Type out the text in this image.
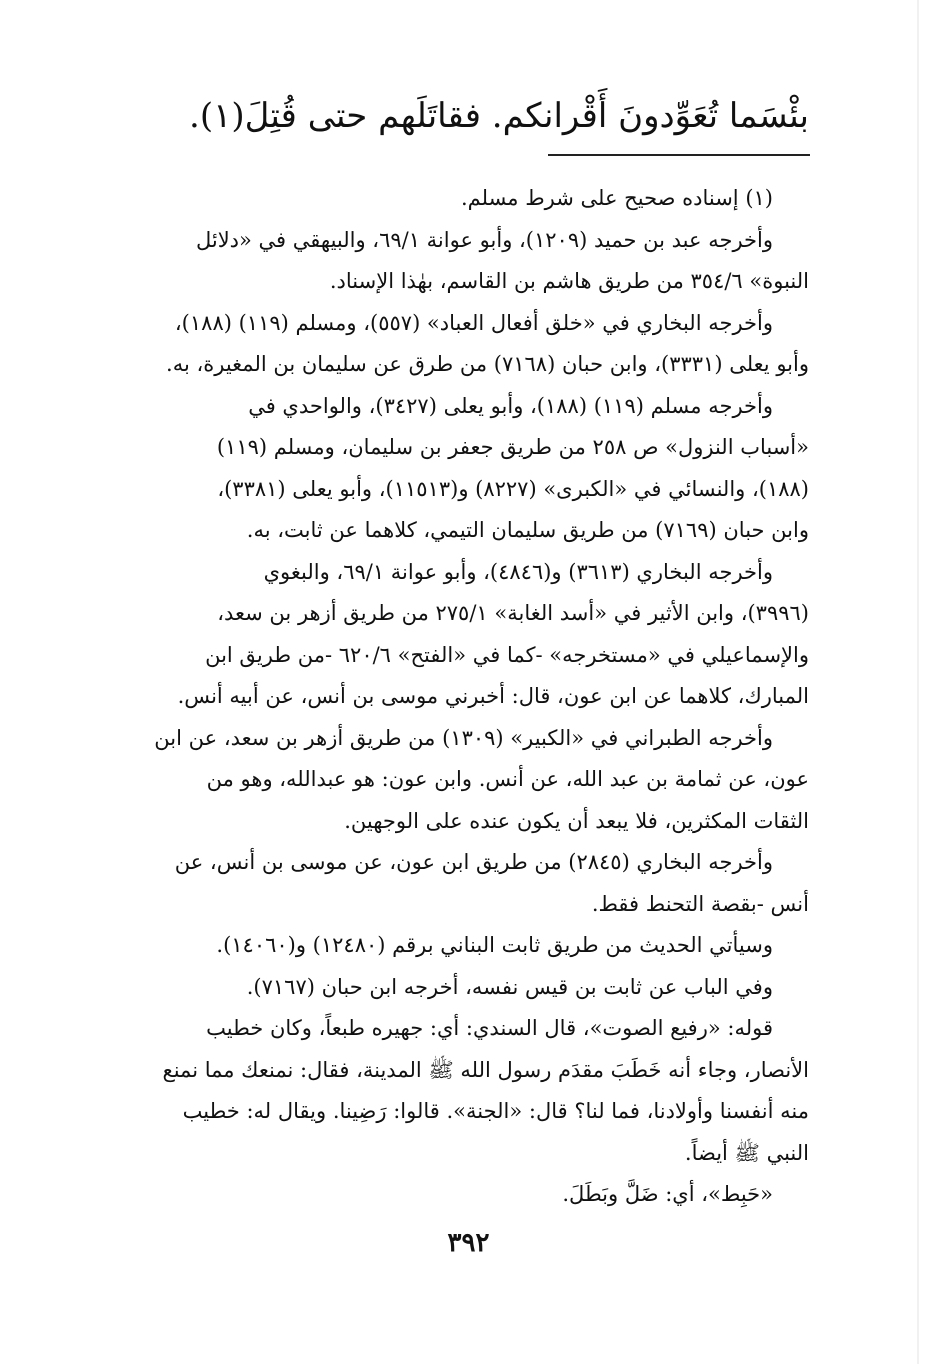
بئْسَما تُعَوِّدونَ أَقْرانكم. فقاتَلَهم حتى قُتِلَ(١).

(١) إسناده صحيح على شرط مسلم.

وأخرجه عبد بن حميد (١٢٠٩)، وأبو عوانة ٦٩/١، والبيهقي في «دلائل
النبوة» ٣٥٤/٦ من طريق هاشم بن القاسم، بهٰذا الإسناد.

وأخرجه البخاري في «خلق أفعال العباد» (٥٥٧)، ومسلم (١١٩) (١٨٨)،
وأبو يعلى (٣٣٣١)، وابن حبان (٧١٦٨) من طرق عن سليمان بن المغيرة، به.

وأخرجه مسلم (١١٩) (١٨٨)، وأبو يعلى (٣٤٢٧)، والواحدي في
«أسباب النزول» ص ٢٥٨ من طريق جعفر بن سليمان، ومسلم (١١٩)
(١٨٨)، والنسائي في «الكبرى» (٨٢٢٧) و(١١٥١٣)، وأبو يعلى (٣٣٨١)،
وابن حبان (٧١٦٩) من طريق سليمان التيمي، كلاهما عن ثابت، به.

وأخرجه البخاري (٣٦١٣) و(٤٨٤٦)، وأبو عوانة ٦٩/١، والبغوي
(٣٩٩٦)، وابن الأثير في «أسد الغابة» ٢٧٥/١ من طريق أزهر بن سعد،
والإسماعيلي في «مستخرجه» -كما في «الفتح» ٦٢٠/٦ -من طريق ابن
المبارك، كلاهما عن ابن عون، قال: أخبرني موسى بن أنس، عن أبيه أنس.

وأخرجه الطبراني في «الكبير» (١٣٠٩) من طريق أزهر بن سعد، عن ابن
عون، عن ثمامة بن عبد الله، عن أنس. وابن عون: هو عبدالله، وهو من
الثقات المكثرين، فلا يبعد أن يكون عنده على الوجهين.

وأخرجه البخاري (٢٨٤٥) من طريق ابن عون، عن موسى بن أنس، عن
أنس -بقصة التحنط فقط.

وسيأتي الحديث من طريق ثابت البناني برقم (١٢٤٨٠) و(١٤٠٦٠).

وفي الباب عن ثابت بن قيس نفسه، أخرجه ابن حبان (٧١٦٧).

قوله: «رفيع الصوت»، قال السندي: أي: جهيره طبعاً، وكان خطيب
الأنصار، وجاء أنه خَطَبَ مقدَم رسول الله ﷺ المدينة، فقال: نمنعك مما نمنع
منه أنفسنا وأولادنا، فما لنا؟ قال: «الجنة». قالوا: رَضِينا. ويقال له: خطيب
النبي ﷺ أيضاً.

«حَبِط»، أي: ضَلَّ وبَطَلَ.

٣٩٢
